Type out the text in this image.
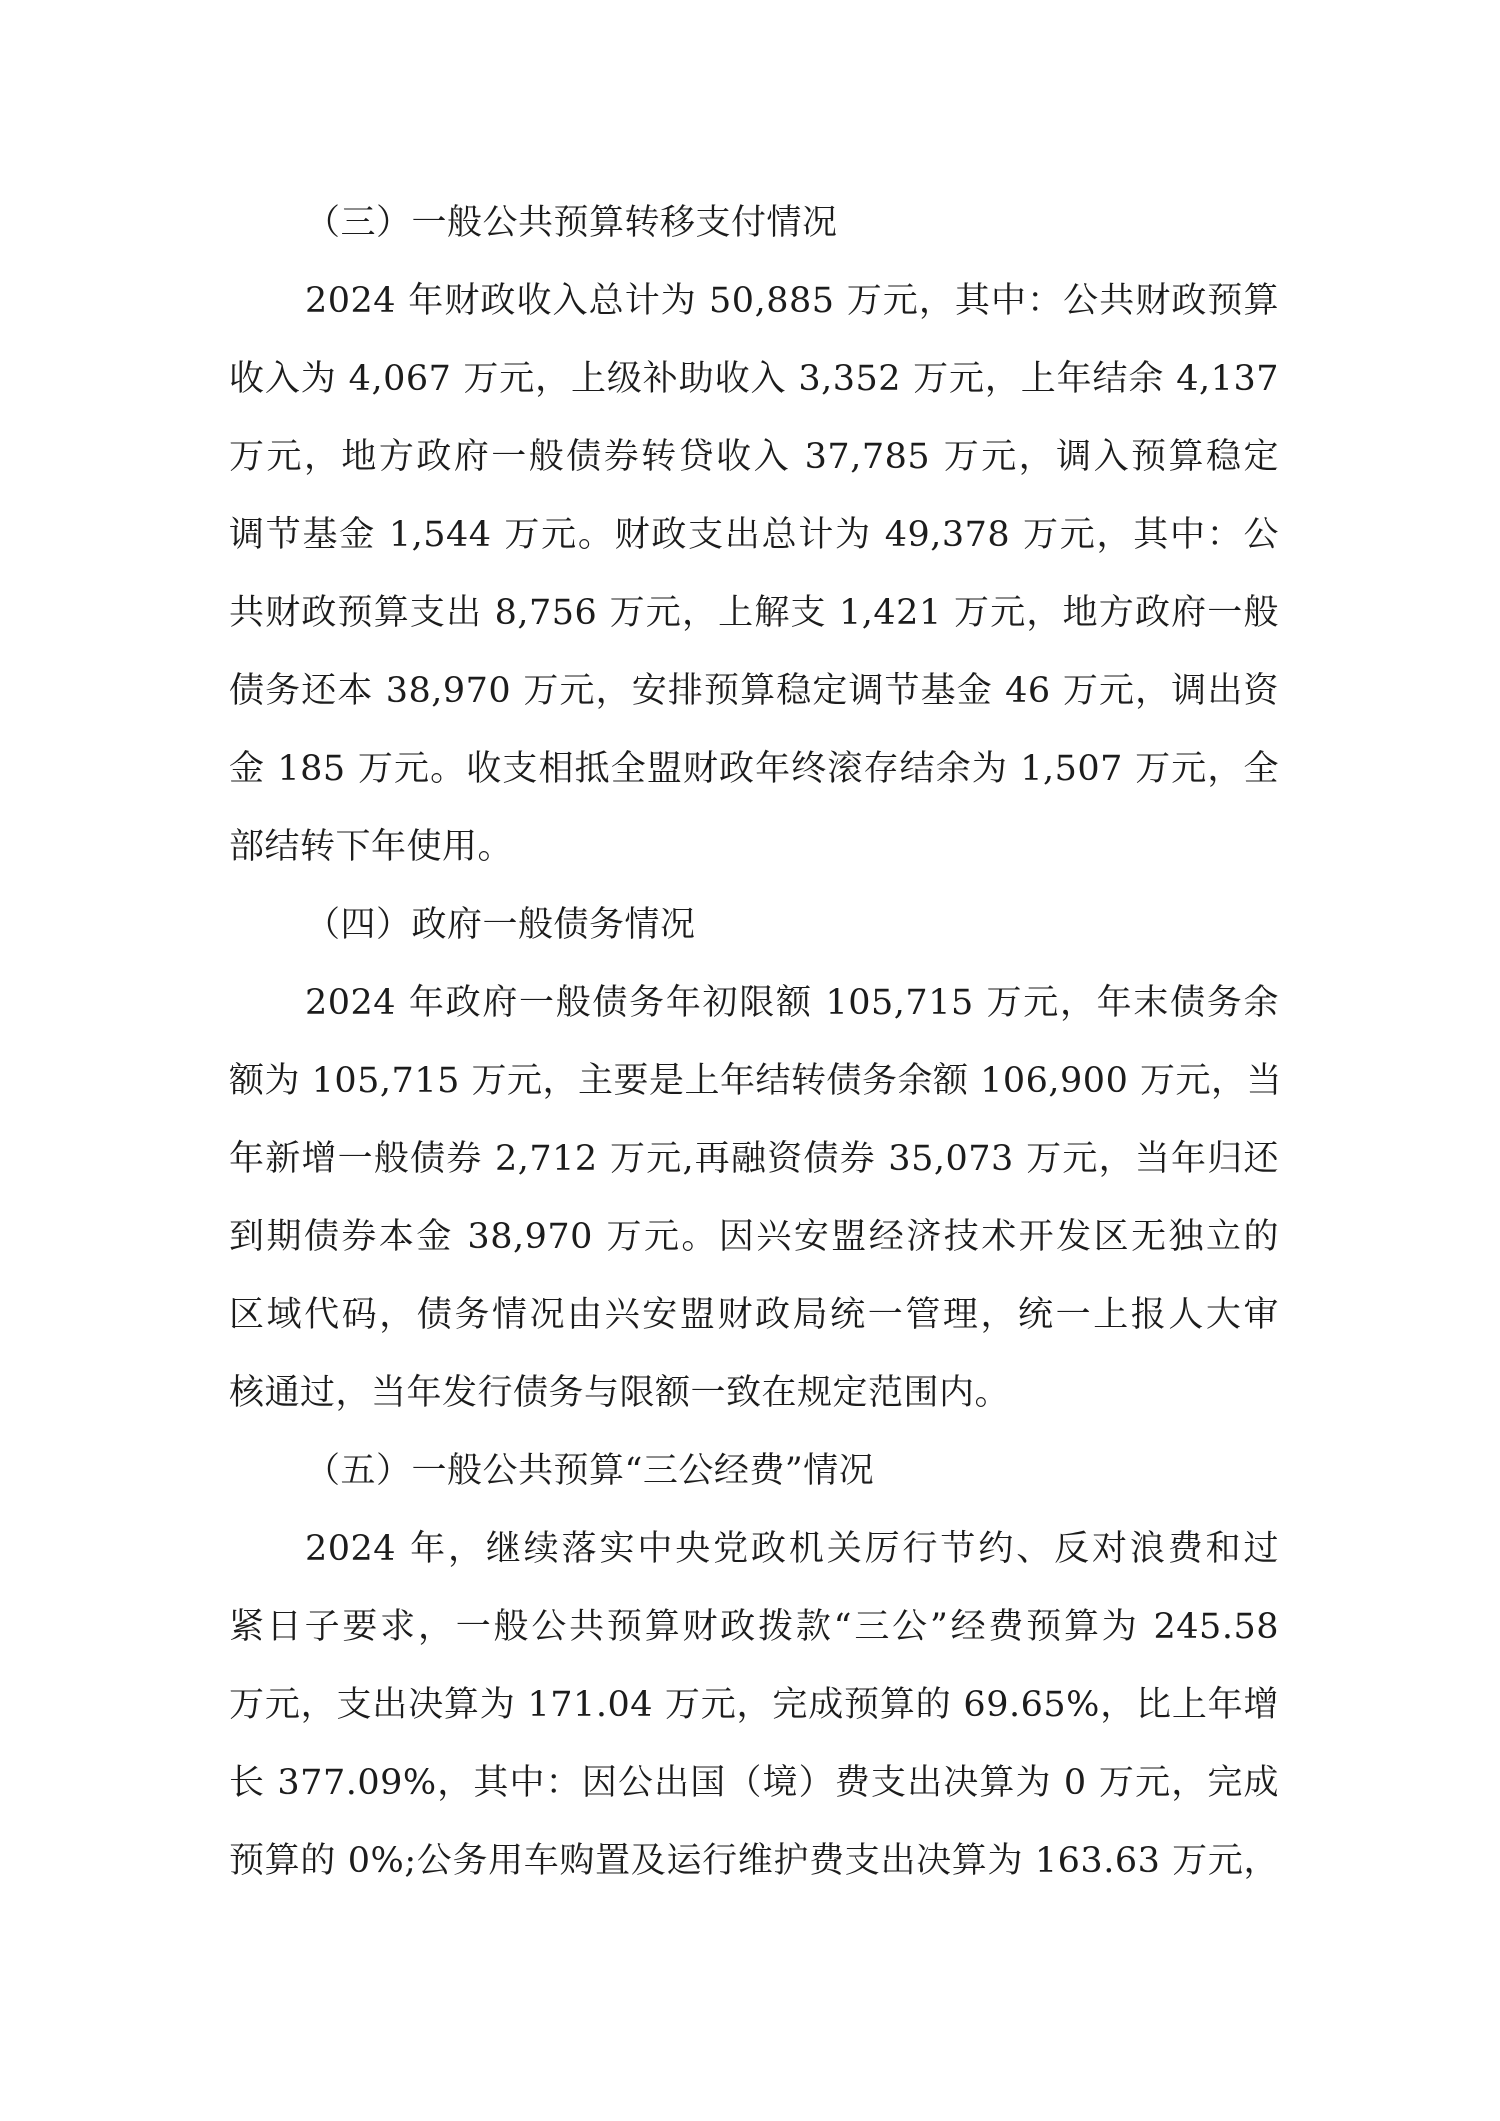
（三）一般公共预算转移支付情况
2024 年财政收入总计为 50,885 万元，其中：公共财政预算
收入为 4,067 万元，上级补助收入 3,352 万元，上年结余 4,137
万元，地方政府一般债券转贷收入 37,785 万元，调入预算稳定
调节基金 1,544 万元。财政支出总计为 49,378 万元，其中：公
共财政预算支出 8,756 万元，上解支 1,421 万元，地方政府一般
债务还本 38,970 万元，安排预算稳定调节基金 46 万元，调出资
金 185 万元。收支相抵全盟财政年终滚存结余为 1,507 万元，全
部结转下年使用。
（四）政府一般债务情况
2024 年政府一般债务年初限额 105,715 万元，年末债务余
额为 105,715 万元，主要是上年结转债务余额 106,900 万元，当
年新增一般债券 2,712 万元,再融资债券 35,073 万元，当年归还
到期债券本金 38,970 万元。因兴安盟经济技术开发区无独立的
区域代码，债务情况由兴安盟财政局统一管理，统一上报人大审
核通过，当年发行债务与限额一致在规定范围内。
（五）一般公共预算“三公经费”情况
2024 年，继续落实中央党政机关厉行节约、反对浪费和过
紧日子要求，一般公共预算财政拨款“三公”经费预算为 245.58
万元，支出决算为 171.04 万元，完成预算的 69.65%，比上年增
长 377.09%，其中：因公出国（境）费支出决算为 0 万元，完成
预算的 0%;公务用车购置及运行维护费支出决算为 163.63 万元，
